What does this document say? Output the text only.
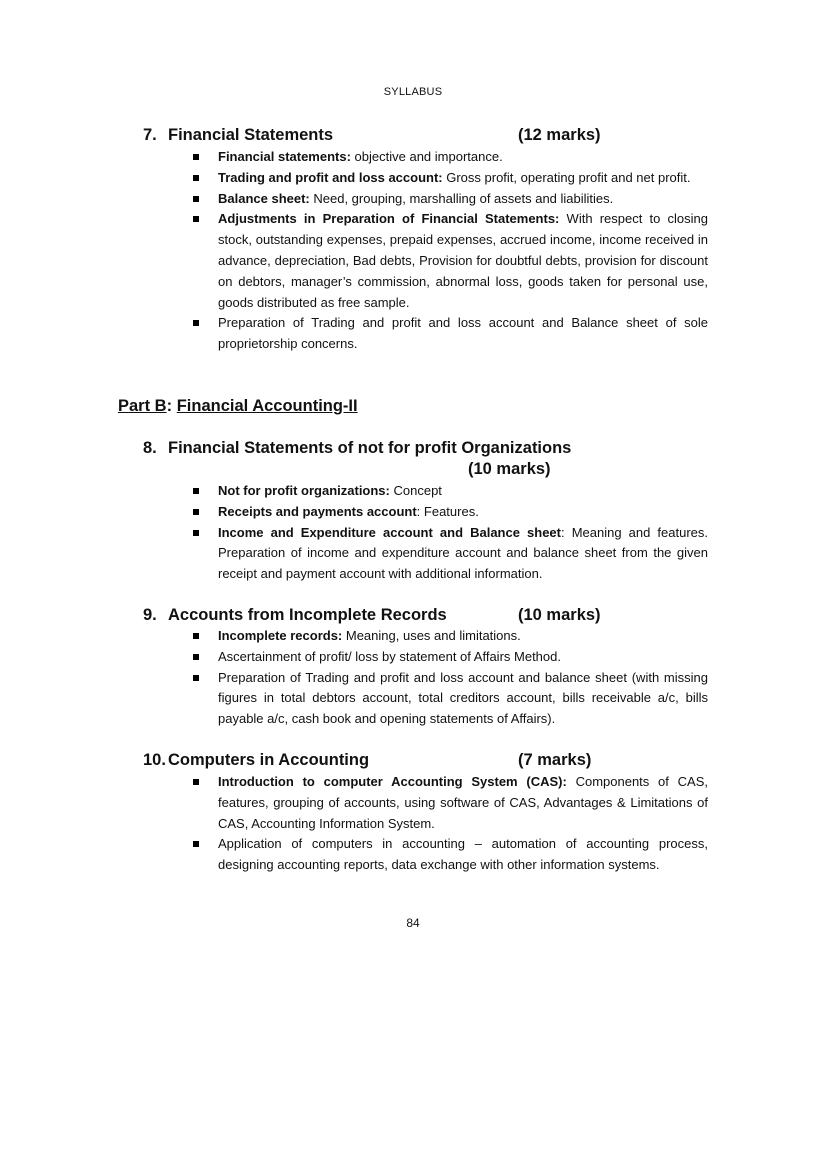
SYLLABUS
7. Financial Statements	(12 marks)
Financial statements: objective and importance.
Trading and profit and loss account: Gross profit, operating profit and net profit.
Balance sheet: Need, grouping, marshalling of assets and liabilities.
Adjustments in Preparation of Financial Statements: With respect to closing stock, outstanding expenses, prepaid expenses, accrued income, income received in advance, depreciation, Bad debts, Provision for doubtful debts, provision for discount on debtors, manager’s commission, abnormal loss, goods taken for personal use, goods distributed as free sample.
Preparation of Trading and profit and loss account and Balance sheet of sole proprietorship concerns.
Part B: Financial Accounting-II
8. Financial Statements of not for profit Organizations
(10 marks)
Not for profit organizations: Concept
Receipts and payments account: Features.
Income and Expenditure account and Balance sheet: Meaning and features. Preparation of income and expenditure account and balance sheet from the given receipt and payment account with additional information.
9. Accounts from Incomplete Records	(10 marks)
Incomplete records: Meaning, uses and limitations.
Ascertainment of profit/ loss by statement of Affairs Method.
Preparation of Trading and profit and loss account and balance sheet (with missing figures in total debtors account, total creditors account, bills receivable a/c, bills payable a/c, cash book and opening statements of Affairs).
10. Computers in Accounting	(7 marks)
Introduction to computer Accounting System (CAS): Components of CAS, features, grouping of accounts, using software of CAS, Advantages & Limitations of CAS, Accounting Information System.
Application of computers in accounting – automation of accounting process, designing accounting reports, data exchange with other information systems.
84
